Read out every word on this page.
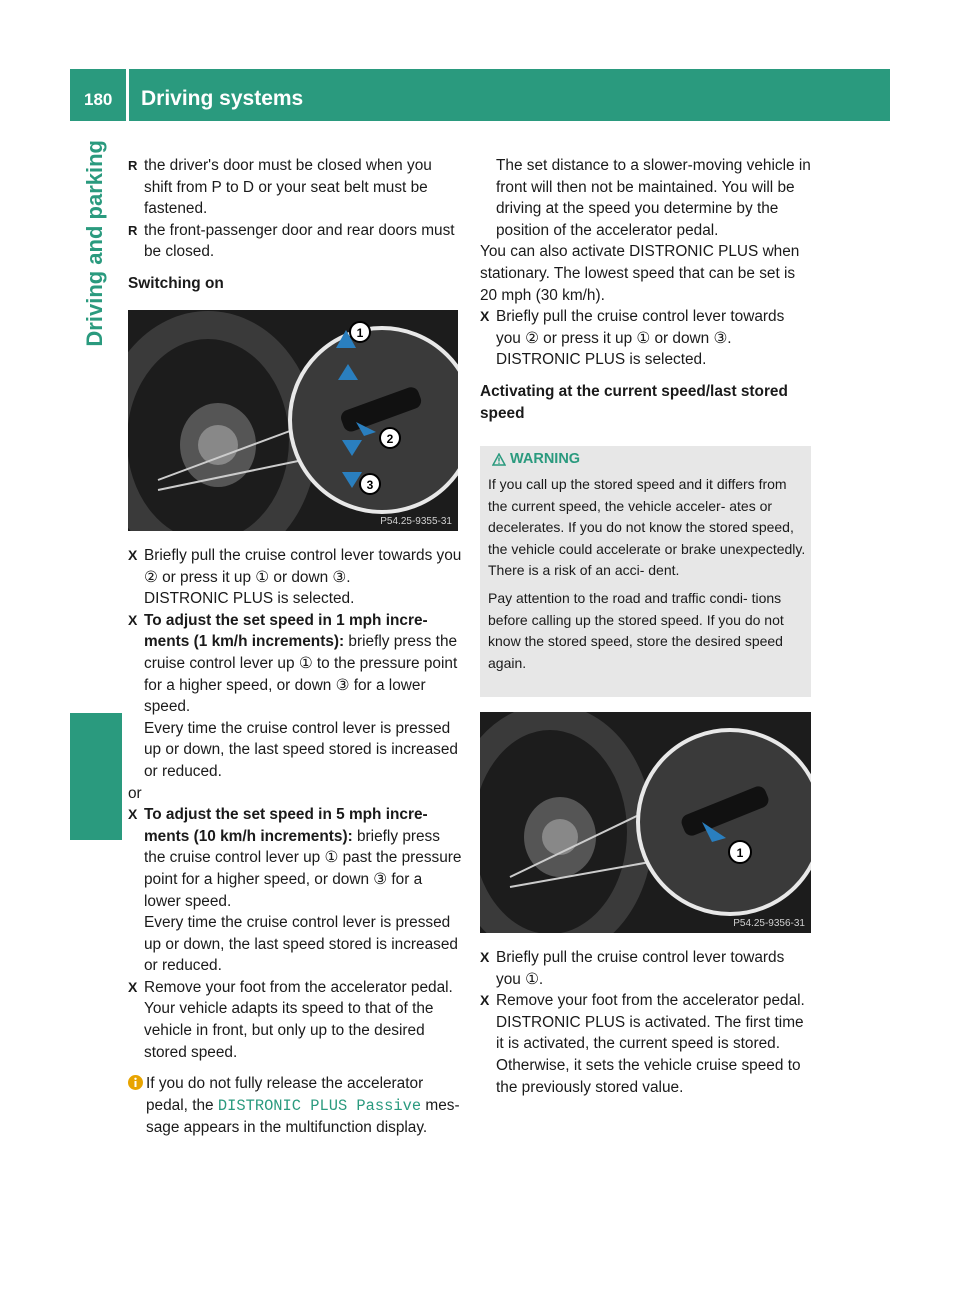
180 Driving systems
Driving and parking

R	the driver's door must be closed when you shift from P to D or your seat belt must be fastened.

R the front-passenger door and rear doors must be closed.

Switching on

1
2
3
P54.25-9355-31

X Briefly pull the cruise control lever towards you ② or press it up ① or down ③.
DISTRONIC PLUS is selected.

X To adjust the set speed in 1 mph incre- ments (1 km/h increments): briefly press the cruise control lever up ① to the pressure point for a higher speed, or down ③ for a lower speed.
Every time the cruise control lever is pressed up or down, the last speed stored is increased or reduced.

or

X To adjust the set speed in 5 mph incre- ments (10 km/h increments): briefly press the cruise control lever up ① past the pressure point for a higher speed, or down ③ for a lower speed.
Every time the cruise control lever is pressed up or down, the last speed stored is increased or reduced.

X Remove your foot from the accelerator pedal.
Your vehicle adapts its speed to that of the vehicle in front, but only up to the desired stored speed.

If you do not fully release the accelerator pedal, the DISTRONIC PLUS Passive mes- sage appears in the multifunction display.

The set distance to a slower-moving vehicle in front will then not be maintained. You will be driving at the speed you determine by the position of the accelerator pedal.

You can also activate DISTRONIC PLUS when stationary. The lowest speed that can be set is 20 mph (30 km/h).

X Briefly pull the cruise control lever towards you ② or press it up ① or down ③.
DISTRONIC PLUS is selected.

Activating at the current speed/last stored speed

WARNING

If you call up the stored speed and it differs from the current speed, the vehicle acceler- ates or decelerates. If you do not know the stored speed, the vehicle could accelerate or brake unexpectedly. There is a risk of an acci- dent.

Pay attention to the road and traffic condi- tions before calling up the stored speed. If you do not know the stored speed, store the desired speed again.

1
P54.25-9356-31

X Briefly pull the cruise control lever towards you ①.

X Remove your foot from the accelerator pedal.
DISTRONIC PLUS is activated. The first time it is activated, the current speed is stored. Otherwise, it sets the vehicle cruise speed to the previously stored value.
